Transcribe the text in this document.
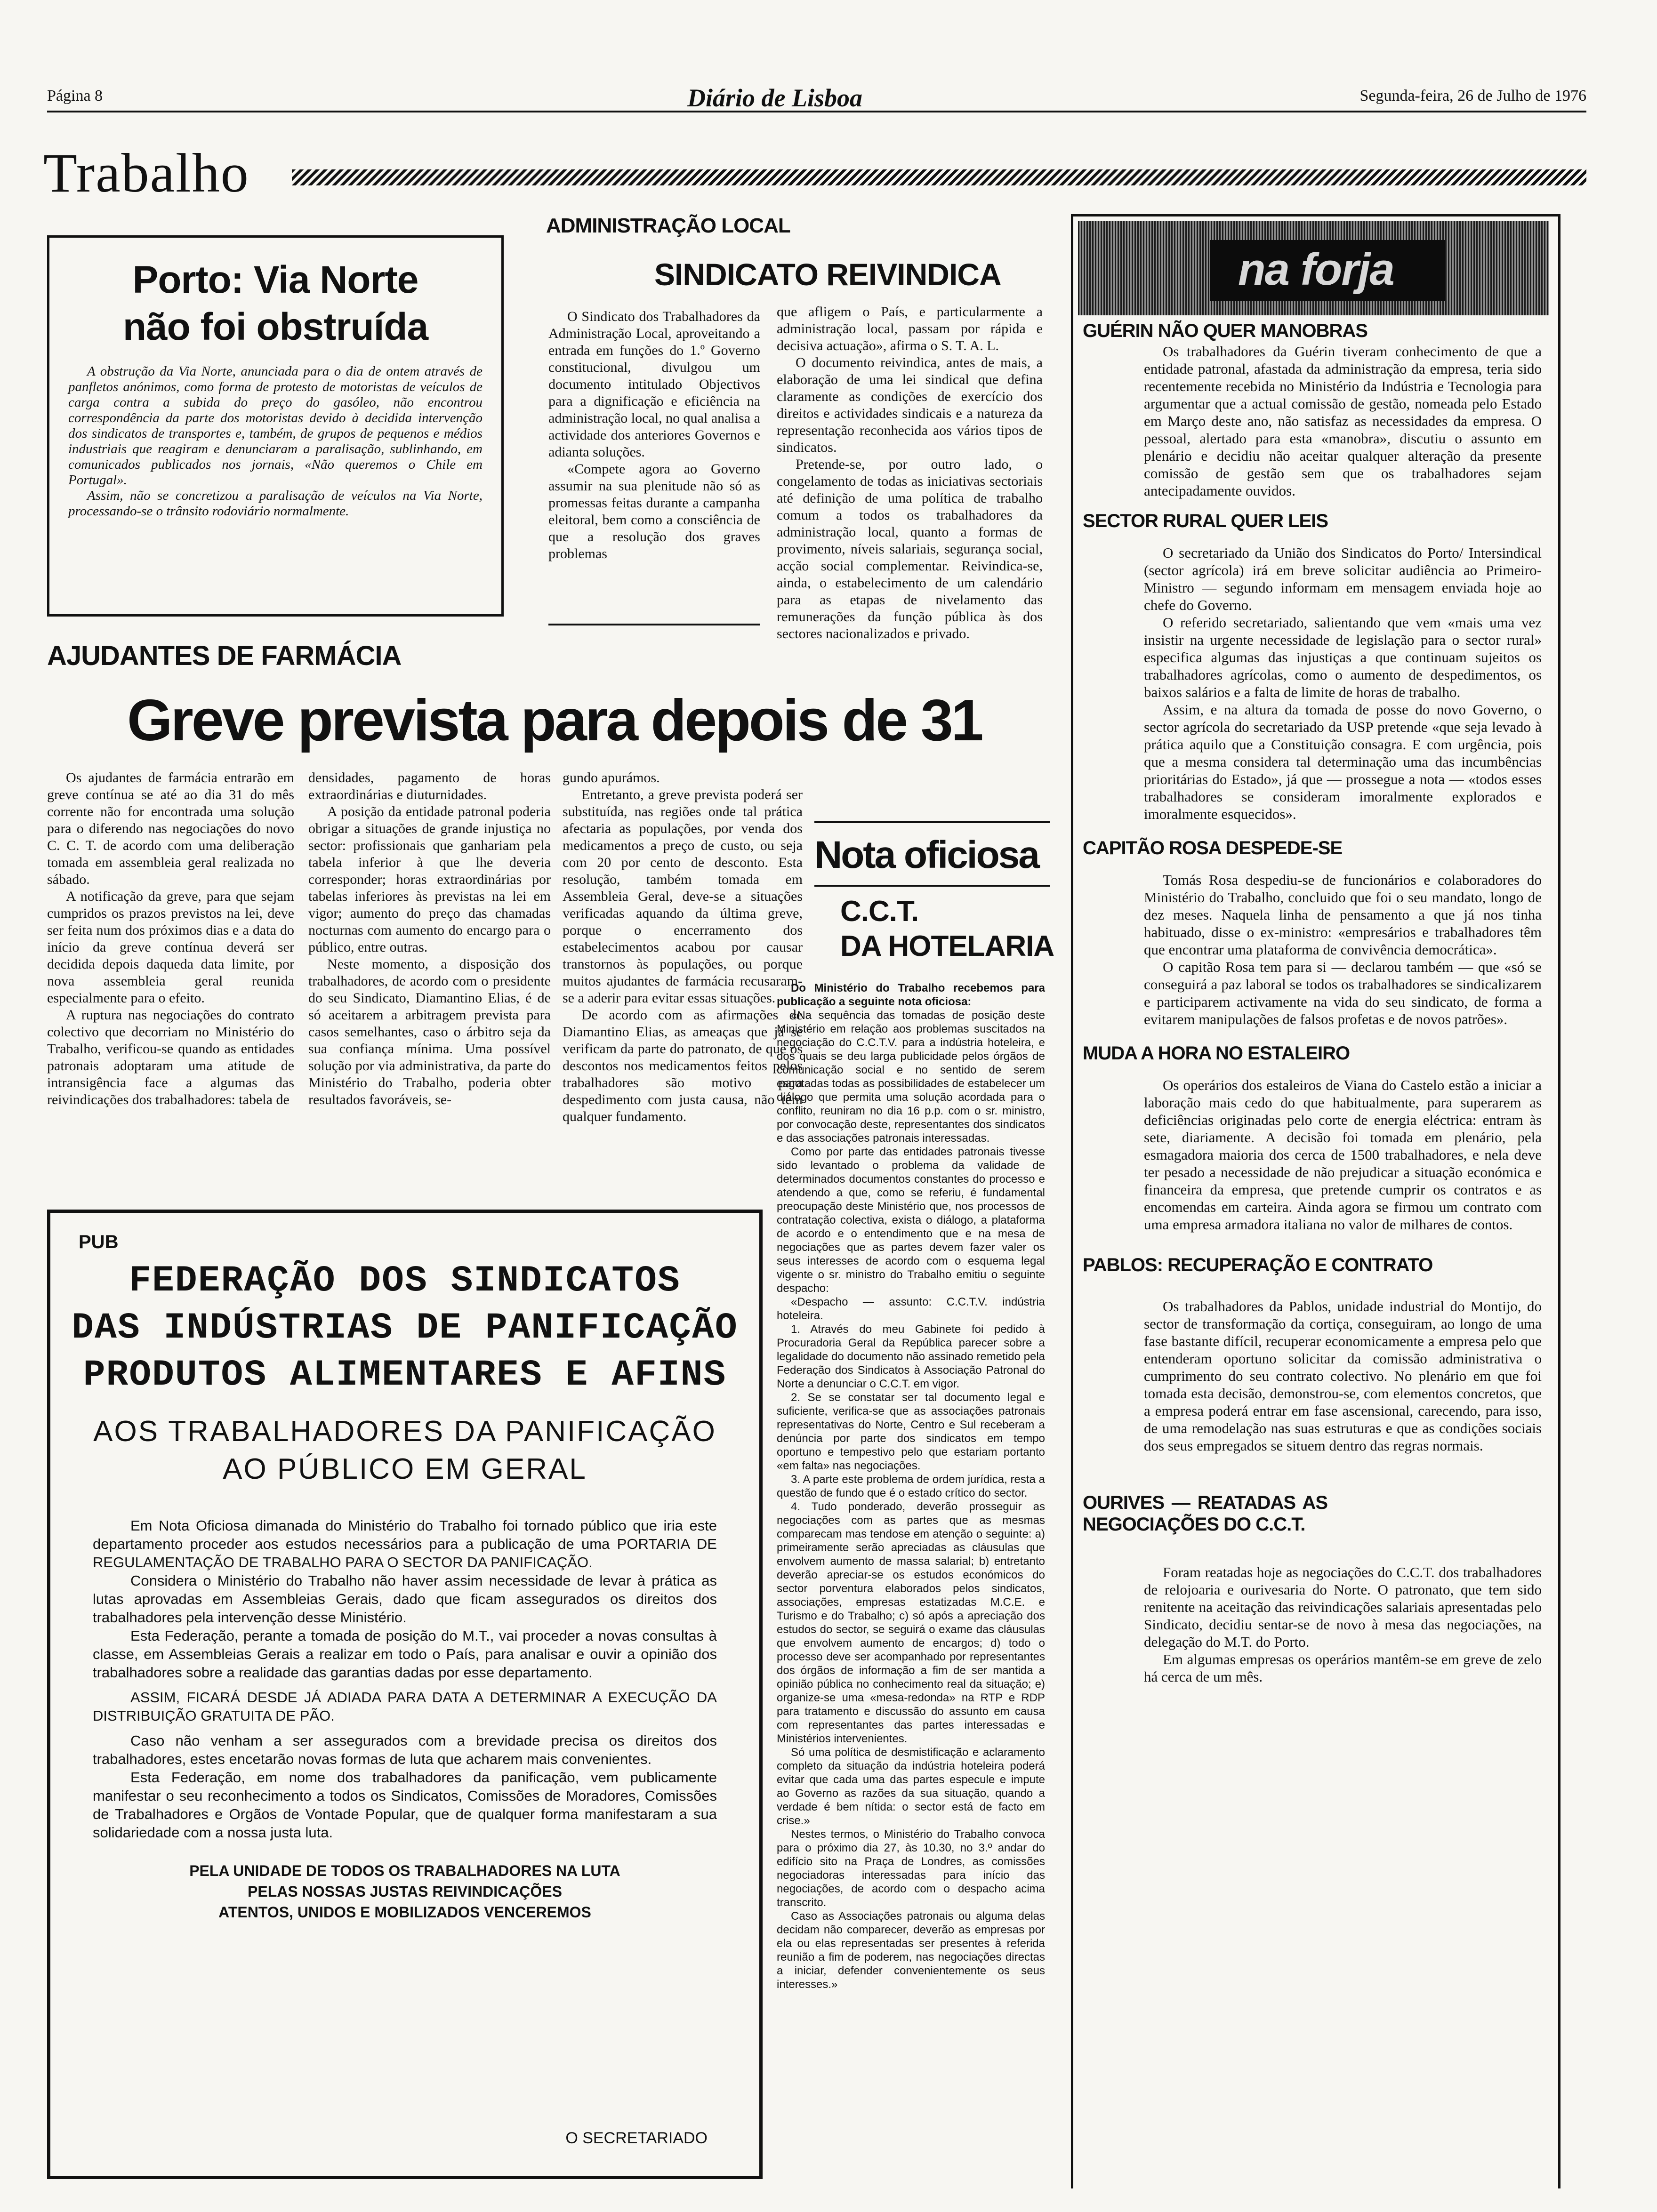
Página 8	Diário de Lisboa	Segunda-feira, 26 de Julho de 1976
Trabalho
Porto: Via Norte
não foi obstruída

A obstrução da Via Norte, anunciada para o dia de ontem através de panfletos anónimos, como forma de protesto de motoristas de veículos de carga contra a subida do preço do gasóleo, não encontrou correspondência da parte dos motoristas devido à decidida intervenção dos sindicatos de transportes e, também, de grupos de pequenos e médios industriais que reagiram e denunciaram a paralisação, sublinhando, em comunicados publicados nos jornais, «Não queremos o Chile em Portugal».

Assim, não se concretizou a paralisação de veículos na Via Norte, processando-se o trânsito rodoviário normalmente.

ADMINISTRAÇÃO LOCAL
SINDICATO REIVINDICA

O Sindicato dos Trabalhadores da Administração Local, aproveitando a entrada em funções do 1.º Governo constitucional, divulgou um documento intitulado Objectivos para a dignificação e eficiência na administração local, no qual analisa a actividade dos anteriores Governos e adianta soluções.

«Compete agora ao Governo assumir na sua plenitude não só as promessas feitas durante a campanha eleitoral, bem como a consciência de que a resolução dos graves problemas

que afligem o País, e particularmente a administração local, passam por rápida e decisiva actuação», afirma o S. T. A. L.

O documento reivindica, antes de mais, a elaboração de uma lei sindical que defina claramente as condições de exercício dos direitos e actividades sindicais e a natureza da representação reconhecida aos vários tipos de sindicatos.

Pretende-se, por outro lado, o congelamento de todas as iniciativas sectoriais até definição de uma política de trabalho comum a todos os trabalhadores da administração local, quanto a formas de provimento, níveis salariais, segurança social, acção social complementar. Reivindica-se, ainda, o estabelecimento de um calendário para as etapas de nivelamento das remunerações da função pública às dos sectores nacionalizados e privado.

AJUDANTES DE FARMÁCIA
Greve prevista para depois de 31

Os ajudantes de farmácia entrarão em greve contínua se até ao dia 31 do mês corrente não for encontrada uma solução para o diferendo nas negociações do novo C. C. T. de acordo com uma deliberação tomada em assembleia geral realizada no sábado.

A notificação da greve, para que sejam cumpridos os prazos previstos na lei, deve ser feita num dos próximos dias e a data do início da greve contínua deverá ser decidida depois daqueda data limite, por nova assembleia geral reunida especialmente para o efeito.

A ruptura nas negociações do contrato colectivo que decorriam no Ministério do Trabalho, verificou-se quando as entidades patronais adoptaram uma atitude de intransigência face a algumas das reivindicações dos trabalhadores: tabela de

densidades, pagamento de horas extraordinárias e diuturnidades.

A posição da entidade patronal poderia obrigar a situações de grande injustiça no sector: profissionais que ganhariam pela tabela inferior à que lhe deveria corresponder; horas extraordinárias por tabelas inferiores às previstas na lei em vigor; aumento do preço das chamadas nocturnas com aumento do encargo para o público, entre outras.

Neste momento, a disposição dos trabalhadores, de acordo com o presidente do seu Sindicato, Diamantino Elias, é de só aceitarem a arbitragem prevista para casos semelhantes, caso o árbitro seja da sua confiança mínima. Uma possível solução por via administrativa, da parte do Ministério do Trabalho, poderia obter resultados favoráveis, se-

gundo apurámos.

Entretanto, a greve prevista poderá ser substituída, nas regiões onde tal prática afectaria as populações, por venda dos medicamentos a preço de custo, ou seja com 20 por cento de desconto. Esta resolução, também tomada em Assembleia Geral, deve-se a situações verificadas aquando da última greve, porque o encerramento dos estabelecimentos acabou por causar transtornos às populações, ou porque muitos ajudantes de farmácia recusaram-se a aderir para evitar essas situações.

De acordo com as afirmações de Diamantino Elias, as ameaças que já se verificam da parte do patronato, de que os descontos nos medicamentos feitos pelos trabalhadores são motivo para despedimento com justa causa, não têm qualquer fundamento.

Nota oficiosa
C.C.T.
DA HOTELARIA

Do Ministério do Trabalho recebemos para publicação a seguinte nota oficiosa:

«Na sequência das tomadas de posição deste Ministério em relação aos problemas suscitados na negociação do C.C.T.V. para a indústria hoteleira, e dos quais se deu larga publicidade pelos órgãos de comunicação social e no sentido de serem esgotadas todas as possibilidades de estabelecer um diálogo que permita uma solução acordada para o conflito, reuniram no dia 16 p.p. com o sr. ministro, por convocação deste, representantes dos sindicatos e das associações patronais interessadas.

Como por parte das entidades patronais tivesse sido levantado o problema da validade de determinados documentos constantes do processo e atendendo a que, como se referiu, é fundamental preocupação deste Ministério que, nos processos de contratação colectiva, exista o diálogo, a plataforma de acordo e o entendimento que e na mesa de negociações que as partes devem fazer valer os seus interesses de acordo com o esquema legal vigente o sr. ministro do Trabalho emitiu o seguinte despacho:

«Despacho — assunto: C.C.T.V. indústria hoteleira.

1. Através do meu Gabinete foi pedido à Procuradoria Geral da República parecer sobre a legalidade do documento não assinado remetido pela Federação dos Sindicatos à Associação Patronal do Norte a denunciar o C.C.T. em vigor.

2. Se se constatar ser tal documento legal e suficiente, verifica-se que as associações patronais representativas do Norte, Centro e Sul receberam a denúncia por parte dos sindicatos em tempo oportuno e tempestivo pelo que estariam portanto «em falta» nas negociações.

3. A parte este problema de ordem jurídica, resta a questão de fundo que é o estado crítico do sector.

4. Tudo ponderado, deverão prosseguir as negociações com as partes que as mesmas comparecam mas tendose em atenção o seguinte: a) primeiramente serão apreciadas as cláusulas que envolvem aumento de massa salarial; b) entretanto deverão apreciar-se os estudos económicos do sector porventura elaborados pelos sindicatos, associações, empresas estatizadas M.C.E. e Turismo e do Trabalho; c) só após a apreciação dos estudos do sector, se seguirá o exame das cláusulas que envolvem aumento de encargos; d) todo o processo deve ser acompanhado por representantes dos órgãos de informação a fim de ser mantida a opinião pública no conhecimento real da situação; e) organize-se uma «mesa-redonda» na RTP e RDP para tratamento e discussão do assunto em causa com representantes das partes interessadas e Ministérios intervenientes.

Só uma política de desmistificação e aclaramento completo da situação da indústria hoteleira poderá evitar que cada uma das partes especule e impute ao Governo as razões da sua situação, quando a verdade é bem nítida: o sector está de facto em crise.»

Nestes termos, o Ministério do Trabalho convoca para o próximo dia 27, às 10.30, no 3.º andar do edifício sito na Praça de Londres, as comissões negociadoras interessadas para início das negociações, de acordo com o despacho acima transcrito.

Caso as Associações patronais ou alguma delas decidam não comparecer, deverão as empresas por ela ou elas representadas ser presentes à referida reunião a fim de poderem, nas negociações directas a iniciar, defender convenientemente os seus interesses.»

PUB
FEDERAÇÃO DOS SINDICATOS
DAS INDÚSTRIAS DE PANIFICAÇÃO
PRODUTOS ALIMENTARES E AFINS
AOS TRABALHADORES DA PANIFICAÇÃO
AO PÚBLICO EM GERAL

Em Nota Oficiosa dimanada do Ministério do Trabalho foi tornado público que iria este departamento proceder aos estudos necessários para a publicação de uma PORTARIA DE REGULAMENTAÇÃO DE TRABALHO PARA O SECTOR DA PANIFICAÇÃO.

Considera o Ministério do Trabalho não haver assim necessidade de levar à prática as lutas aprovadas em Assembleias Gerais, dado que ficam assegurados os direitos dos trabalhadores pela intervenção desse Ministério.

Esta Federação, perante a tomada de posição do M.T., vai proceder a novas consultas à classe, em Assembleias Gerais a realizar em todo o País, para analisar e ouvir a opinião dos trabalhadores sobre a realidade das garantias dadas por esse departamento.

ASSIM, FICARÁ DESDE JÁ ADIADA PARA DATA A DETERMINAR A EXECUÇÃO DA DISTRIBUIÇÃO GRATUITA DE PÃO.

Caso não venham a ser assegurados com a brevidade precisa os direitos dos trabalhadores, estes encetarão novas formas de luta que acharem mais convenientes.

Esta Federação, em nome dos trabalhadores da panificação, vem publicamente manifestar o seu reconhecimento a todos os Sindicatos, Comissões de Moradores, Comissões de Trabalhadores e Orgãos de Vontade Popular, que de qualquer forma manifestaram a sua solidariedade com a nossa justa luta.

PELA UNIDADE DE TODOS OS TRABALHADORES NA LUTA
PELAS NOSSAS JUSTAS REIVINDICAÇÕES
ATENTOS, UNIDOS E MOBILIZADOS VENCEREMOS
O SECRETARIADO
na forja
GUÉRIN NÃO QUER MANOBRAS

Os trabalhadores da Guérin tiveram conhecimento de que a entidade patronal, afastada da administração da empresa, teria sido recentemente recebida no Ministério da Indústria e Tecnologia para argumentar que a actual comissão de gestão, nomeada pelo Estado em Março deste ano, não satisfaz as necessidades da empresa. O pessoal, alertado para esta «manobra», discutiu o assunto em plenário e decidiu não aceitar qualquer alteração da presente comissão de gestão sem que os trabalhadores sejam antecipadamente ouvidos.

SECTOR RURAL QUER LEIS

O secretariado da União dos Sindicatos do Porto/ Intersindical (sector agrícola) irá em breve solicitar audiência ao Primeiro-Ministro — segundo informam em mensagem enviada hoje ao chefe do Governo.

O referido secretariado, salientando que vem «mais uma vez insistir na urgente necessidade de legislação para o sector rural» especifica algumas das injustiças a que continuam sujeitos os trabalhadores agrícolas, como o aumento de despedimentos, os baixos salários e a falta de limite de horas de trabalho.

Assim, e na altura da tomada de posse do novo Governo, o sector agrícola do secretariado da USP pretende «que seja levado à prática aquilo que a Constituição consagra. E com urgência, pois que a mesma considera tal determinação uma das incumbências prioritárias do Estado», já que — prossegue a nota — «todos esses trabalhadores se consideram imoralmente explorados e imoralmente esquecidos».

CAPITÃO ROSA DESPEDE-SE

Tomás Rosa despediu-se de funcionários e colaboradores do Ministério do Trabalho, concluido que foi o seu mandato, longo de dez meses. Naquela linha de pensamento a que já nos tinha habituado, disse o ex-ministro: «empresários e trabalhadores têm que encontrar uma plataforma de convivência democrática».

O capitão Rosa tem para si — declarou também — que «só se conseguirá a paz laboral se todos os trabalhadores se sindicalizarem e participarem activamente na vida do seu sindicato, de forma a evitarem manipulações de falsos profetas e de novos patrões».

MUDA A HORA NO ESTALEIRO

Os operários dos estaleiros de Viana do Castelo estão a iniciar a laboração mais cedo do que habitualmente, para superarem as deficiências originadas pelo corte de energia eléctrica: entram às sete, diariamente. A decisão foi tomada em plenário, pela esmagadora maioria dos cerca de 1500 trabalhadores, e nela deve ter pesado a necessidade de não prejudicar a situação económica e financeira da empresa, que pretende cumprir os contratos e as encomendas em carteira. Ainda agora se firmou um contrato com uma empresa armadora italiana no valor de milhares de contos.

PABLOS: RECUPERAÇÃO E CONTRATO

Os trabalhadores da Pablos, unidade industrial do Montijo, do sector de transformação da cortiça, conseguiram, ao longo de uma fase bastante difícil, recuperar economicamente a empresa pelo que entenderam oportuno solicitar da comissão administrativa o cumprimento do seu contrato colectivo. No plenário em que foi tomada esta decisão, demonstrou-se, com elementos concretos, que a empresa poderá entrar em fase ascensional, carecendo, para isso, de uma remodelação nas suas estruturas e que as condições sociais dos seus empregados se situem dentro das regras normais.

OURIVES — REATADAS AS NEGOCIAÇÕES DO C.C.T.

Foram reatadas hoje as negociações do C.C.T. dos trabalhadores de relojoaria e ourivesaria do Norte. O patronato, que tem sido renitente na aceitação das reivindicações salariais apresentadas pelo Sindicato, decidiu sentar-se de novo à mesa das negociações, na delegação do M.T. do Porto.

Em algumas empresas os operários mantêm-se em greve de zelo há cerca de um mês.
